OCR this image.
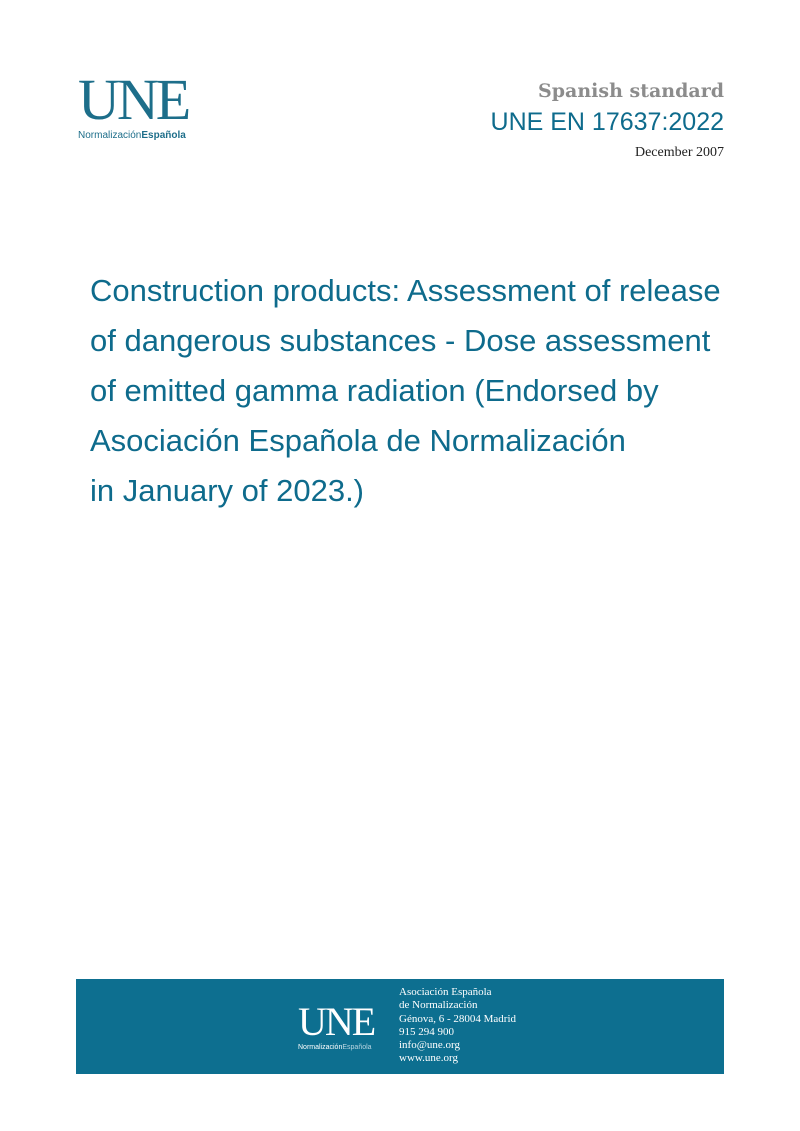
UNE
NormalizaciónEspañola
Spanish standard
UNE EN 17637:2022
December 2007
Construction products: Assessment of release
of dangerous substances - Dose assessment
of emitted gamma radiation (Endorsed by
Asociación Española de Normalización
in January of 2023.)
UNE
NormalizaciónEspañola
Asociación Española
de Normalización
Génova, 6 - 28004 Madrid
915 294 900
info@une.org
www.une.org
